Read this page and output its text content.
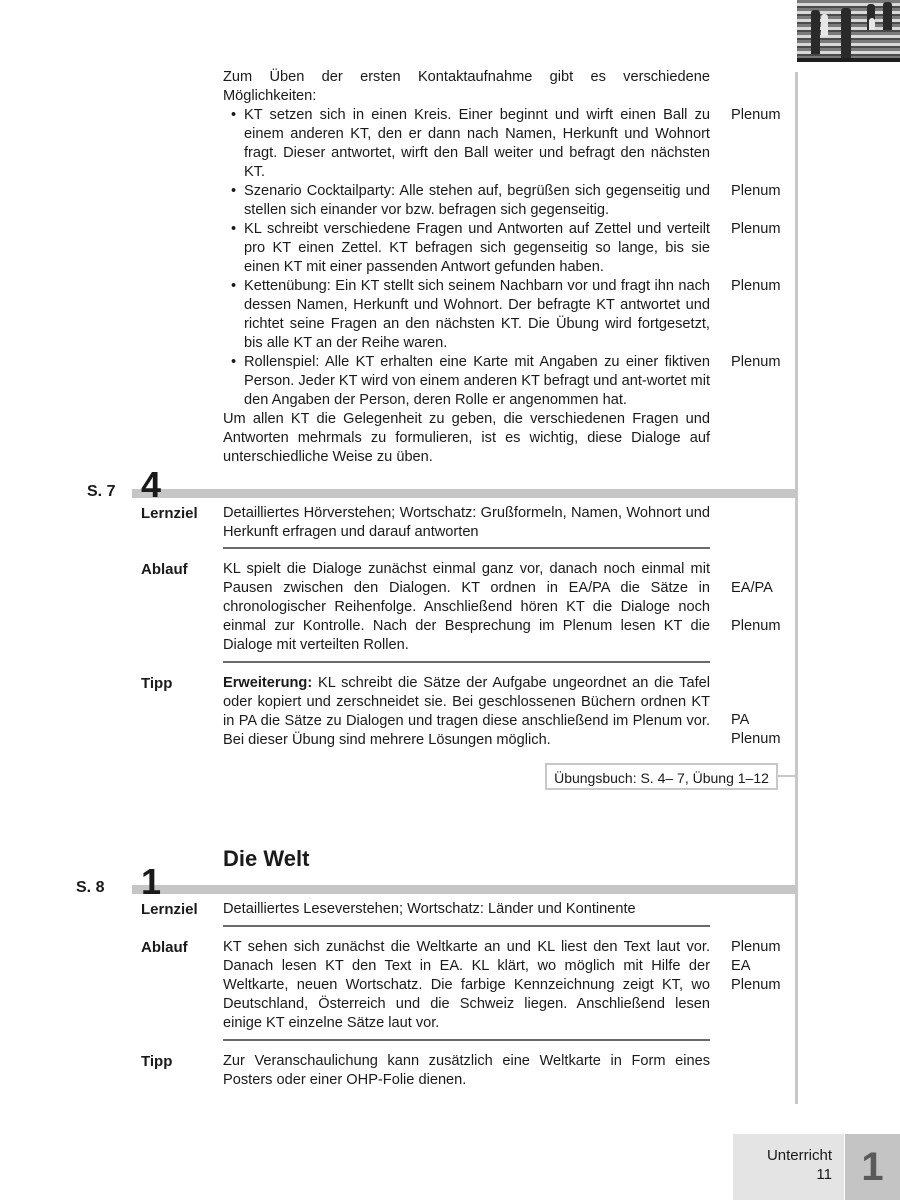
Zum Üben der ersten Kontaktaufnahme gibt es verschiedene Möglichkeiten:

• KT setzen sich in einen Kreis. Einer beginnt und wirft einen Ball zu einem anderen KT, den er dann nach Namen, Herkunft und Wohnort fragt. Dieser antwortet, wirft den Ball weiter und befragt den nächsten KT.
• Szenario Cocktailparty: Alle stehen auf, begrüßen sich gegenseitig und stellen sich einander vor bzw. befragen sich gegenseitig.
• KL schreibt verschiedene Fragen und Antworten auf Zettel und verteilt pro KT einen Zettel. KT befragen sich gegenseitig so lange, bis sie einen KT mit einer passenden Antwort gefunden haben.
• Kettenübung: Ein KT stellt sich seinem Nachbarn vor und fragt ihn nach dessen Namen, Herkunft und Wohnort. Der befragte KT antwortet und richtet seine Fragen an den nächsten KT. Die Übung wird fortgesetzt, bis alle KT an der Reihe waren.
• Rollenspiel: Alle KT erhalten eine Karte mit Angaben zu einer fiktiven Person. Jeder KT wird von einem anderen KT befragt und ant-wortet mit den Angaben der Person, deren Rolle er angenommen hat.

Um allen KT die Gelegenheit zu geben, die verschiedenen Fragen und Antworten mehrmals zu formulieren, ist es wichtig, diese Dialoge auf unterschiedliche Weise zu üben.

Plenum
Plenum
Plenum
Plenum
Plenum
S. 7 4
Lernziel Detailliertes Hörverstehen; Wortschatz: Grußformeln, Namen, Wohnort und Herkunft erfragen und darauf antworten
Ablauf KL spielt die Dialoge zunächst einmal ganz vor, danach noch einmal mit Pausen zwischen den Dialogen. KT ordnen in EA/PA die Sätze in chronologischer Reihenfolge. Anschließend hören KT die Dialoge noch einmal zur Kontrolle. Nach der Besprechung im Plenum lesen KT die Dialoge mit verteilten Rollen.
EA/PA
Plenum
Tipp	Erweiterung: KL schreibt die Sätze der Aufgabe ungeordnet an die Tafel oder kopiert und zerschneidet sie. Bei geschlossenen Büchern ordnen KT in PA die Sätze zu Dialogen und tragen diese anschließend im Plenum vor. Bei dieser Übung sind mehrere Lösungen möglich.
PA
Plenum
Übungsbuch: S. 4– 7, Übung 1–12
Die Welt
S. 8 1
Lernziel Detailliertes Leseverstehen; Wortschatz: Länder und Kontinente
Ablauf KT sehen sich zunächst die Weltkarte an und KL liest den Text laut vor. Danach lesen KT den Text in EA. KL klärt, wo möglich mit Hilfe der Weltkarte, neuen Wortschatz. Die farbige Kennzeichnung zeigt KT, wo Deutschland, Österreich und die Schweiz liegen. Anschließend lesen einige KT einzelne Sätze laut vor.
Plenum
EA
Plenum
Tipp	Zur Veranschaulichung kann zusätzlich eine Weltkarte in Form eines Posters oder einer OHP-Folie dienen.
Unterricht
11 1
